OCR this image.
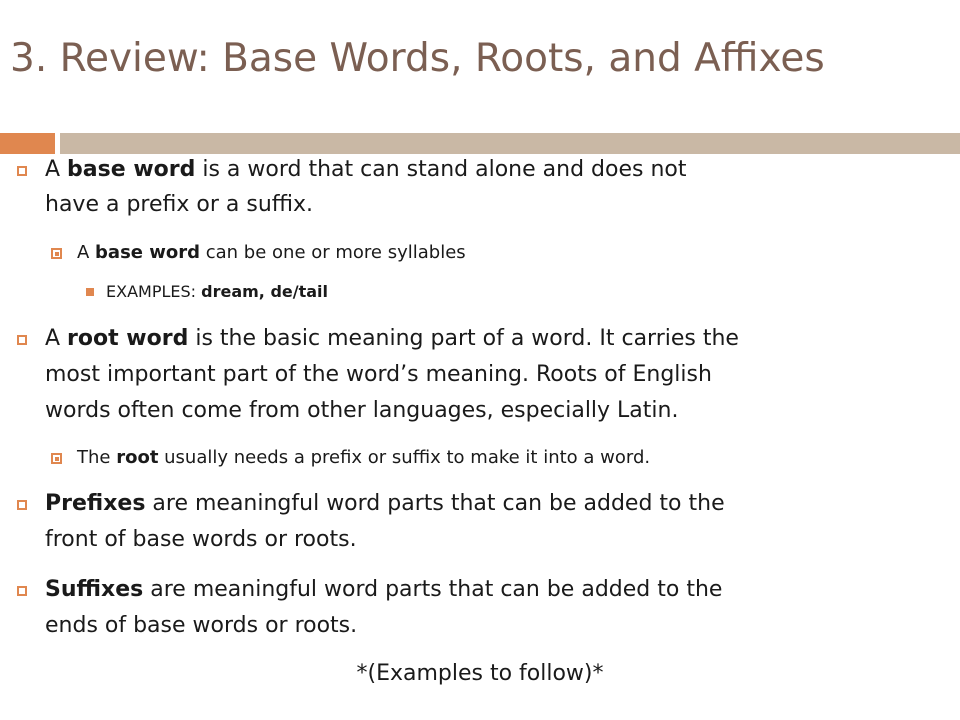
3. Review: Base Words, Roots, and Affixes

A base word is a word that can stand alone and does not

have a prefix or a suffix.

A base word can be one or more syllables

EXAMPLES: dream, de/tail

A root word is the basic meaning part of a word. It carries the

most important part of the word’s meaning. Roots of English

words often come from other languages, especially Latin.

The root usually needs a prefix or suffix to make it into a word.

Prefixes are meaningful word parts that can be added to the

front of base words or roots.

Suffixes are meaningful word parts that can be added to the

ends of base words or roots.

*(Examples to follow)*
